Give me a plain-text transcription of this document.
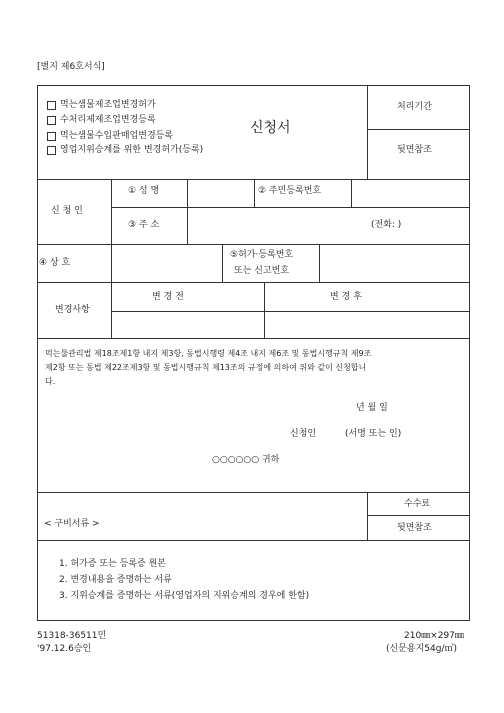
[별지 제6호서식]
먹는샘물제조업변경허가
수처리제제조업변경등록
먹는샘물수입판매업변경등록
영업지위승계를 위한 변경허가(등록)
신청서
처리기간
뒷면참조
신 청 인
① 성 명	② 주민등록번호
③ 주 소	(전화: )
④ 상 호
⑤허가·등록번호
또는 신고번호
변경사항
변 경 전	변 경 후
먹는물관리법 제18조제1항 내지 제3항, 동법시행령 제4조 내지 제6조 및 동법시행규칙 제9조
제2항 또는 동법 제22조제3항 및 동법시행규칙 제13조의 규정에 의하여 위와 같이 신청합니
다.
년 월 일
신청인	(서명 또는 인)
○○○○○○ 귀하
< 구비서류 >
수수료
뒷면참조
1. 허가증 또는 등록증 원본
2. 변경내용을 증명하는 서류
3. 지위승계를 증명하는 서류(영업자의 지위승계의 경우에 한함)
51318-36511민
'97.12.6승인
210㎜×297㎜
(신문용지54g/㎡)
